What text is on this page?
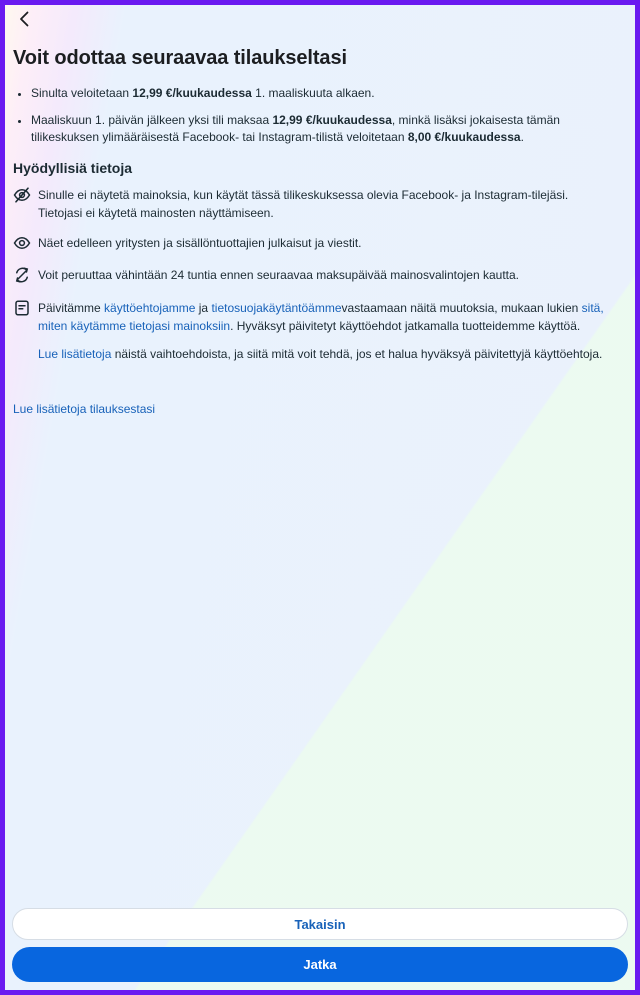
Voit odottaa seuraavaa tilaukseltasi
Sinulta veloitetaan 12,99 €/kuukaudessa 1. maaliskuuta alkaen.
Maaliskuun 1. päivän jälkeen yksi tili maksaa 12,99 €/kuukaudessa, minkä lisäksi jokaisesta tämän tilikeskuksen ylimääräisestä Facebook- tai Instagram-tilistä veloitetaan 8,00 €/kuukaudessa.
Hyödyllisiä tietoja
Sinulle ei näytetä mainoksia, kun käytät tässä tilikeskuksessa olevia Facebook- ja Instagram-tilejäsi. Tietojasi ei käytetä mainosten näyttämiseen.
Näet edelleen yritysten ja sisällöntuottajien julkaisut ja viestit.
Voit peruuttaa vähintään 24 tuntia ennen seuraavaa maksupäivää mainosvalintojen kautta.
Päivitämme käyttöehtojamme ja tietosuojakäytäntöämmevastaamaan näitä muutoksia, mukaan lukien sitä, miten käytämme tietojasi mainoksiin. Hyväksyt päivitetyt käyttöehdot jatkamalla tuotteidemme käyttöä.
Lue lisätietoja näistä vaihtoehdoista, ja siitä mitä voit tehdä, jos et halua hyväksyä päivitettyjä käyttöehtoja.
Lue lisätietoja tilauksestasi
Takaisin
Jatka
